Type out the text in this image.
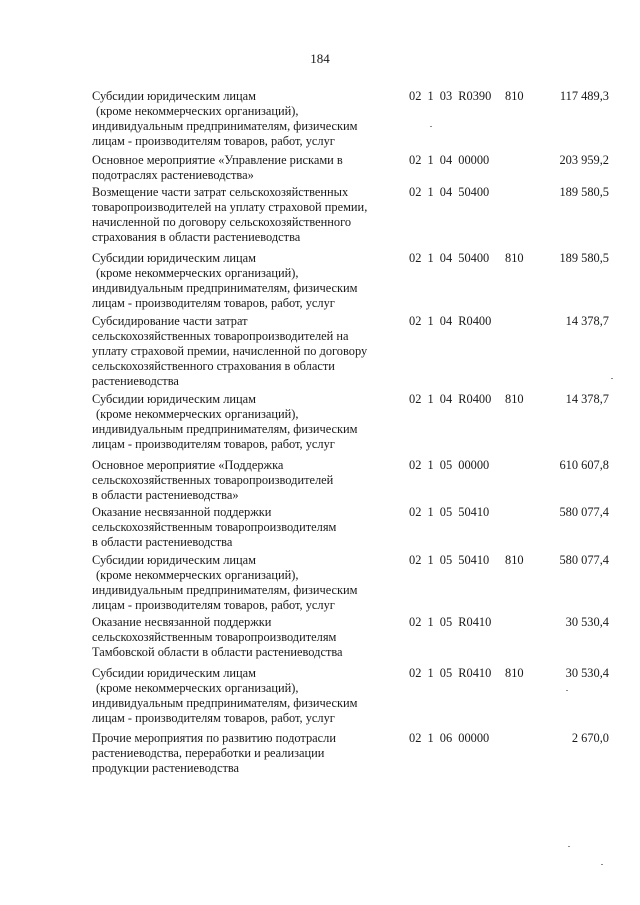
184
Субсидии юридическим лицам
(кроме некоммерческих организаций),
индивидуальным предпринимателям, физическим
лицам - производителям товаров, работ, услуг
02 1 03 R0390 810	117 489,3
Основное мероприятие «Управление рисками в
подотраслях растениеводства»
02 1 04 00000	203 959,2
Возмещение части затрат сельскохозяйственных
товаропроизводителей на уплату страховой премии,
начисленной по договору сельскохозяйственного
страхования в области растениеводства
02 1 04 50400	189 580,5
Субсидии юридическим лицам
(кроме некоммерческих организаций),
индивидуальным предпринимателям, физическим
лицам - производителям товаров, работ, услуг
02 1 04 50400 810	189 580,5
Субсидирование части затрат
сельскохозяйственных товаропроизводителей на
уплату страховой премии, начисленной по договору
сельскохозяйственного страхования в области
растениеводства
02 1 04 R0400	14 378,7
Субсидии юридическим лицам
(кроме некоммерческих организаций),
индивидуальным предпринимателям, физическим
лицам - производителям товаров, работ, услуг
02 1 04 R0400 810	14 378,7
Основное мероприятие «Поддержка
сельскохозяйственных товаропроизводителей
в области растениеводства»
02 1 05 00000	610 607,8
Оказание несвязанной поддержки
сельскохозяйственным товаропроизводителям
в области растениеводства
02 1 05 50410	580 077,4
Субсидии юридическим лицам
(кроме некоммерческих организаций),
индивидуальным предпринимателям, физическим
лицам - производителям товаров, работ, услуг
02 1 05 50410 810	580 077,4
Оказание несвязанной поддержки
сельскохозяйственным товаропроизводителям
Тамбовской области в области растениеводства
02 1 05 R0410	30 530,4
Субсидии юридическим лицам
(кроме некоммерческих организаций),
индивидуальным предпринимателям, физическим
лицам - производителям товаров, работ, услуг
02 1 05 R0410 810	30 530,4
Прочие мероприятия по развитию подотрасли
растениеводства, переработки и реализации
продукции растениеводства
02 1 06 00000	2 670,0
